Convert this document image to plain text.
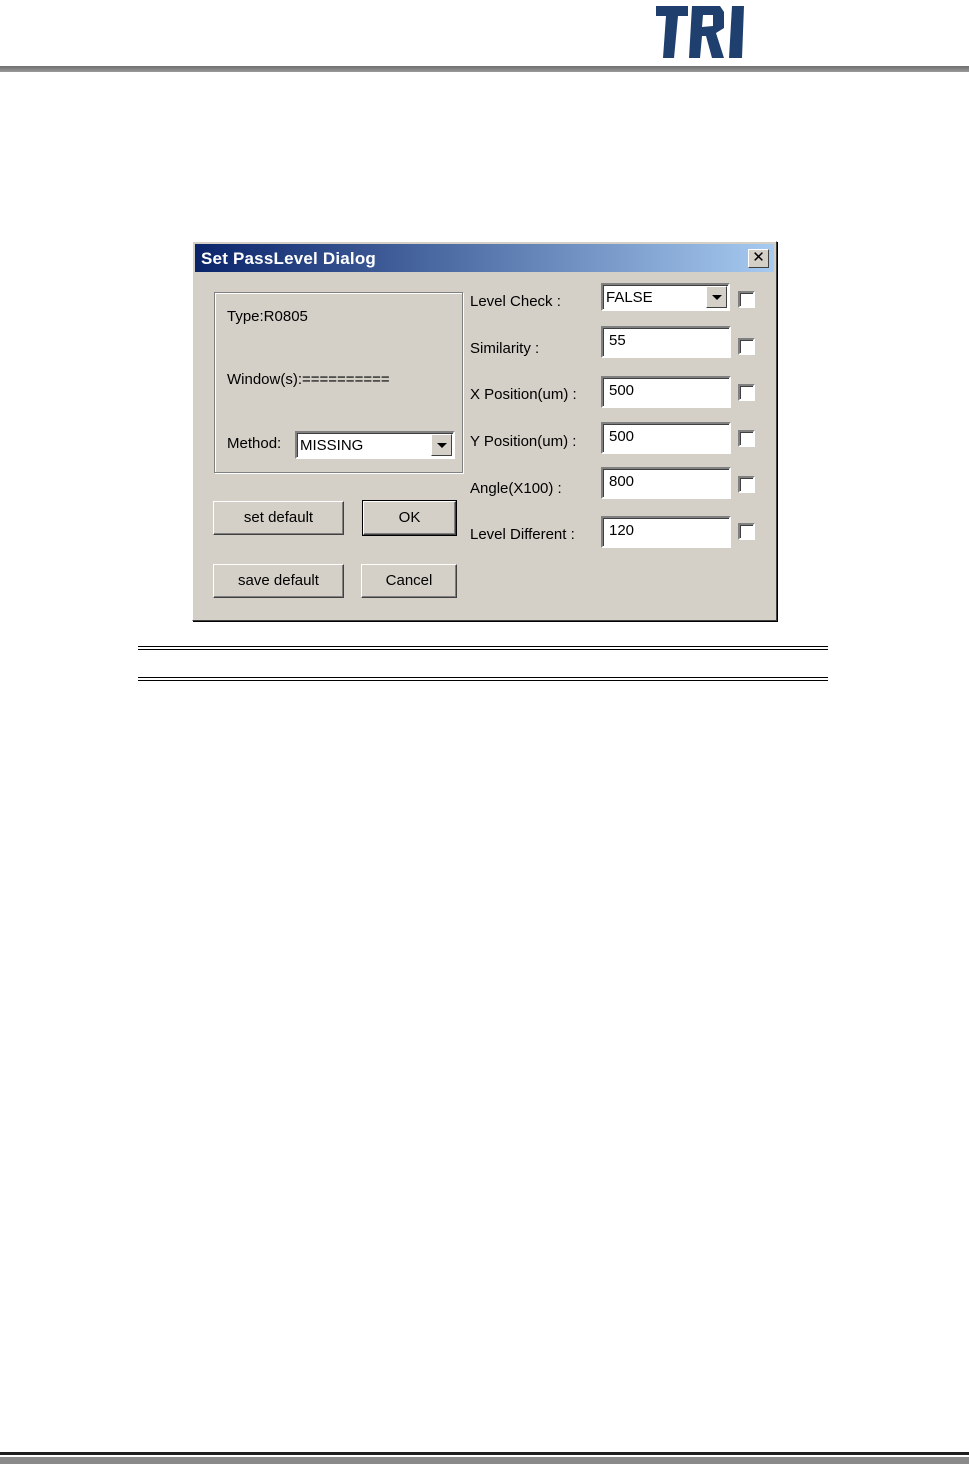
Set PassLevel Dialog	✕
Type:R0805
Window(s):==========
Method: MISSING
set default	OK
save default	Cancel
Level Check :	FALSE
Similarity :	55
X Position(um) :	500
Y Position(um) :	500
Angle(X100) :	800
Level Different :	120
